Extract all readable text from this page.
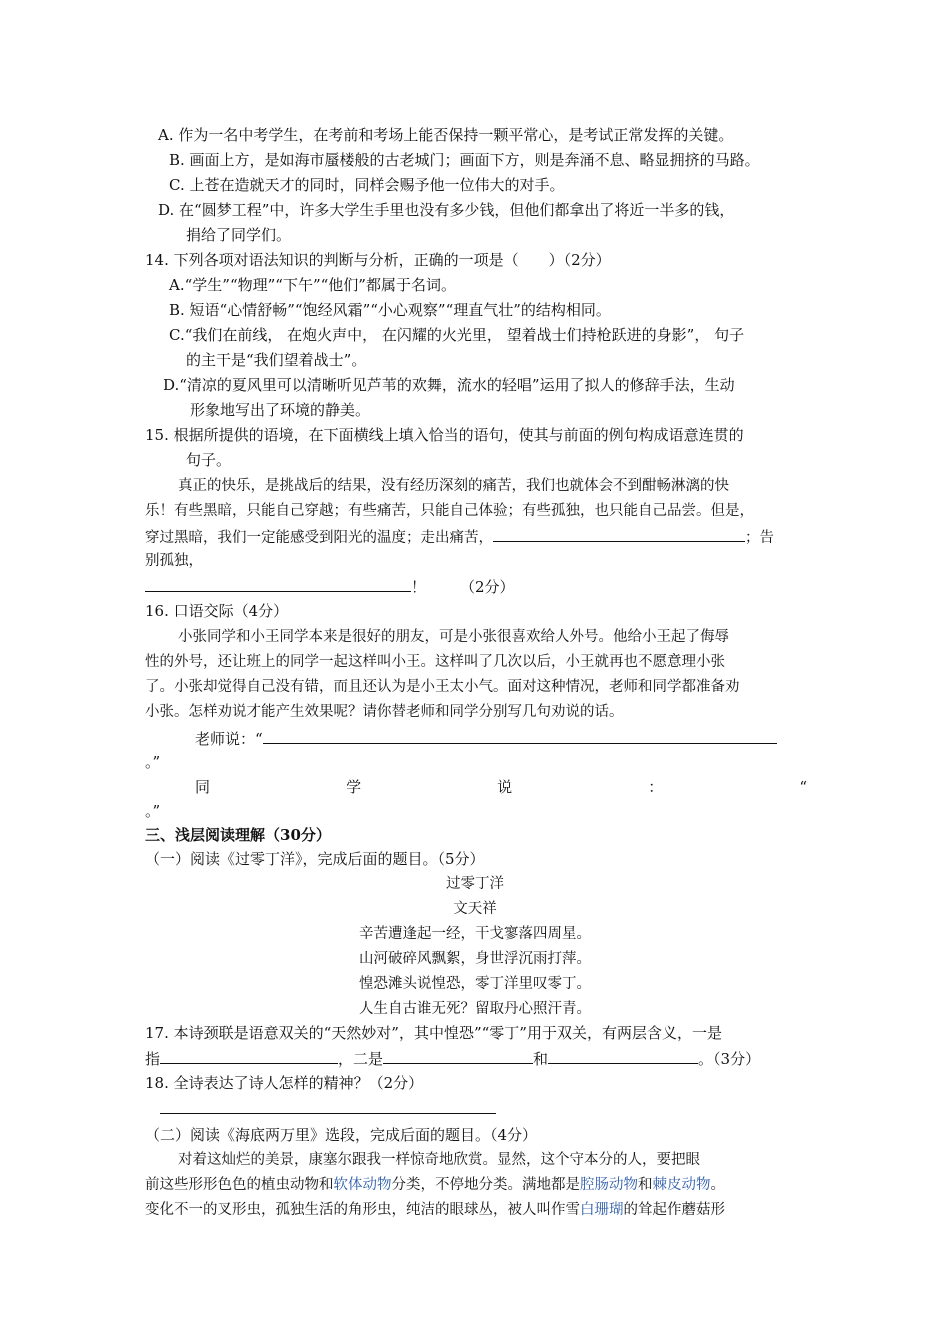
A. 作为一名中考学生，在考前和考场上能否保持一颗平常心，是考试正常发挥的关键。
B. 画面上方，是如海市蜃楼般的古老城门；画面下方，则是奔涌不息、略显拥挤的马路。
C. 上苍在造就天才的同时，同样会赐予他一位伟大的对手。
D. 在“圆梦工程”中，许多大学生手里也没有多少钱，但他们都拿出了将近一半多的钱，
捐给了同学们。
14. 下列各项对语法知识的判断与分析，正确的一项是（　　）（2分）
A.“学生”“物理”“下午”“他们”都属于名词。
B. 短语“心情舒畅”“饱经风霜”“小心观察”“理直气壮”的结构相同。
C.“我们在前线， 在炮火声中， 在闪耀的火光里， 望着战士们持枪跃进的身影”， 句子
的主干是“我们望着战士”。
D.“清凉的夏风里可以清晰听见芦苇的欢舞，流水的轻唱”运用了拟人的修辞手法，生动
形象地写出了环境的静美。
15. 根据所提供的语境，在下面横线上填入恰当的语句，使其与前面的例句构成语意连贯的
句子。
真正的快乐，是挑战后的结果，没有经历深刻的痛苦，我们也就体会不到酣畅淋漓的快
乐！有些黑暗，只能自己穿越；有些痛苦，只能自己体验；有些孤独，也只能自己品尝。但是，
穿过黑暗，我们一定能感受到阳光的温度；走出痛苦，	；告
别孤独，
！ （2分）
16. 口语交际（4分）
小张同学和小王同学本来是很好的朋友，可是小张很喜欢给人外号。他给小王起了侮辱
性的外号，还让班上的同学一起这样叫小王。这样叫了几次以后，小王就再也不愿意理小张
了。小张却觉得自己没有错，而且还认为是小王太小气。面对这种情况，老师和同学都准备劝
小张。怎样劝说才能产生效果呢？请你替老师和同学分别写几句劝说的话。
老师说：“
。”
同	学	说	：	“
。”
三、浅层阅读理解（30分）
（一）阅读《过零丁洋》，完成后面的题目。（5分）
过零丁洋
文天祥
辛苦遭逢起一经，干戈寥落四周星。
山河破碎风飘絮，身世浮沉雨打萍。
惶恐滩头说惶恐，零丁洋里叹零丁。
人生自古谁无死？留取丹心照汗青。
17. 本诗颈联是语意双关的“天然妙对”，其中惶恐”“零丁”用于双关，有两层含义，一是
指	，二是	和	。（3分）
18. 全诗表达了诗人怎样的精神？（2分）
（二）阅读《海底两万里》选段，完成后面的题目。（4分）
对着这灿烂的美景，康塞尔跟我一样惊奇地欣赏。显然，这个守本分的人，要把眼
前这些形形色色的植虫动物和软体动物分类，不停地分类。满地都是腔肠动物和棘皮动物。
变化不一的叉形虫，孤独生活的角形虫，纯洁的眼球丛，被人叫作雪白珊瑚的耸起作蘑菇形
